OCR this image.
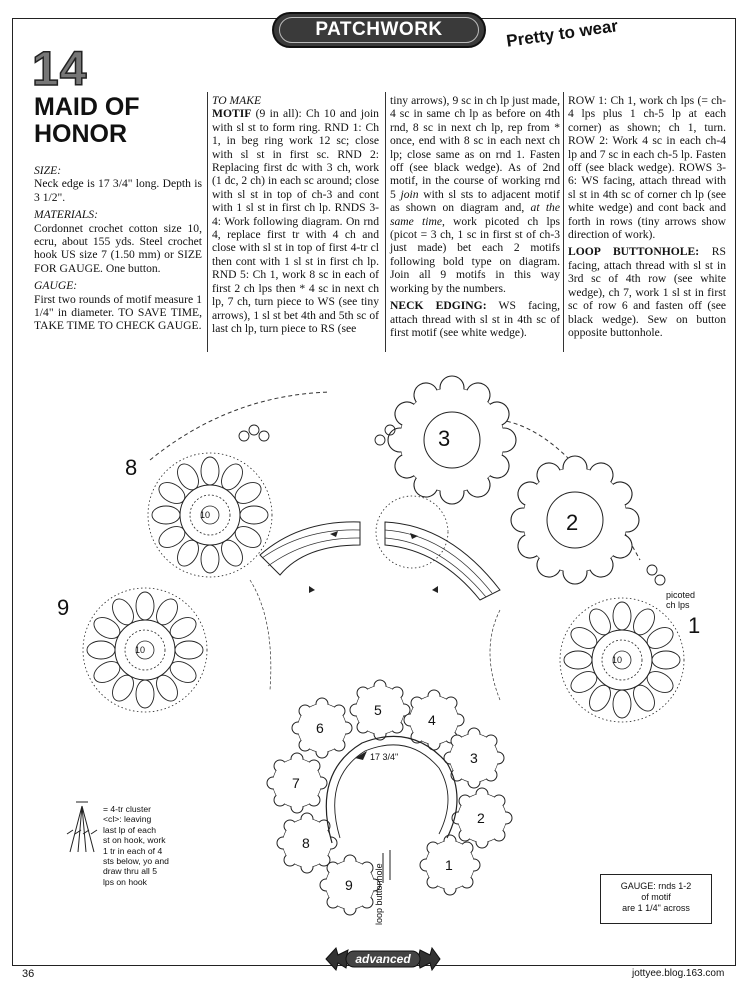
PATCHWORK	Pretty to wear
14
MAID OF
HONOR
SIZE:
Neck edge is 17 3/4" long. Depth is 3 1/2".
MATERIALS:
Cordonnet crochet cotton size 10, ecru, about 155 yds. Steel crochet hook US size 7 (1.50 mm) or SIZE FOR GAUGE. One button.
GAUGE:
First two rounds of motif measure 1 1/4" in diameter. TO SAVE TIME, TAKE TIME TO CHECK GAUGE.
TO MAKE
MOTIF (9 in all): Ch 10 and join with sl st to form ring. RND 1: Ch 1, in beg ring work 12 sc; close with sl st in first sc. RND 2: Replacing first dc with 3 ch, work (1 dc, 2 ch) in each sc around; close with sl st in top of ch-3 and cont with 1 sl st in first ch lp. RNDS 3-4: Work following diagram. On rnd 4, replace first tr with 4 ch and close with sl st in top of first 4-tr cl then cont with 1 sl st in first ch lp. RND 5: Ch 1, work 8 sc in each of first 2 ch lps then * 4 sc in next ch lp, 7 ch, turn piece to WS (see tiny arrows), 1 sl st bet 4th and 5th sc of last ch lp, turn piece to RS (see
tiny arrows), 9 sc in ch lp just made, 4 sc in same ch lp as before on 4th rnd, 8 sc in next ch lp, rep from * once, end with 8 sc in each next ch lp; close same as on rnd 1. Fasten off (see black wedge). As of 2nd motif, in the course of working rnd 5 join with sl sts to adjacent motif as shown on diagram and, at the same time, work picoted ch lps (picot = 3 ch, 1 sc in first st of ch-3 just made) bet each 2 motifs following bold type on diagram. Join all 9 motifs in this way working by the numbers.
NECK EDGING: WS facing, attach thread with sl st in 4th sc of first motif (see white wedge).
ROW 1: Ch 1, work ch lps (= ch-4 lps plus 1 ch-5 lp at each corner) as shown; ch 1, turn. ROW 2: Work 4 sc in each ch-4 lp and 7 sc in each ch-5 lp. Fasten off (see black wedge). ROWS 3-6: WS facing, attach thread with sl st in 4th sc of corner ch lp (see white wedge) and cont back and forth in rows (tiny arrows show direction of work).
LOOP BUTTONHOLE: RS facing, attach thread with sl st in 3rd sc of 4th row (see white wedge), ch 7, work 1 sl st in first sc of row 6 and fasten off (see black wedge). Sew on button opposite buttonhole.
3
2
1
8
9
10
10
10
picoted
ch lps
5
4
3
2
1
6
7
8
9
17 3/4"
loop buttonhole
= 4-tr cluster
<cl>: leaving
last lp of each
st on hook, work
1 tr in each of 4
sts below, yo and
draw thru all 5
lps on hook	GAUGE: rnds 1-2
of motif
are 1 1/4" across
36
advanced
jottyee.blog.163.com
